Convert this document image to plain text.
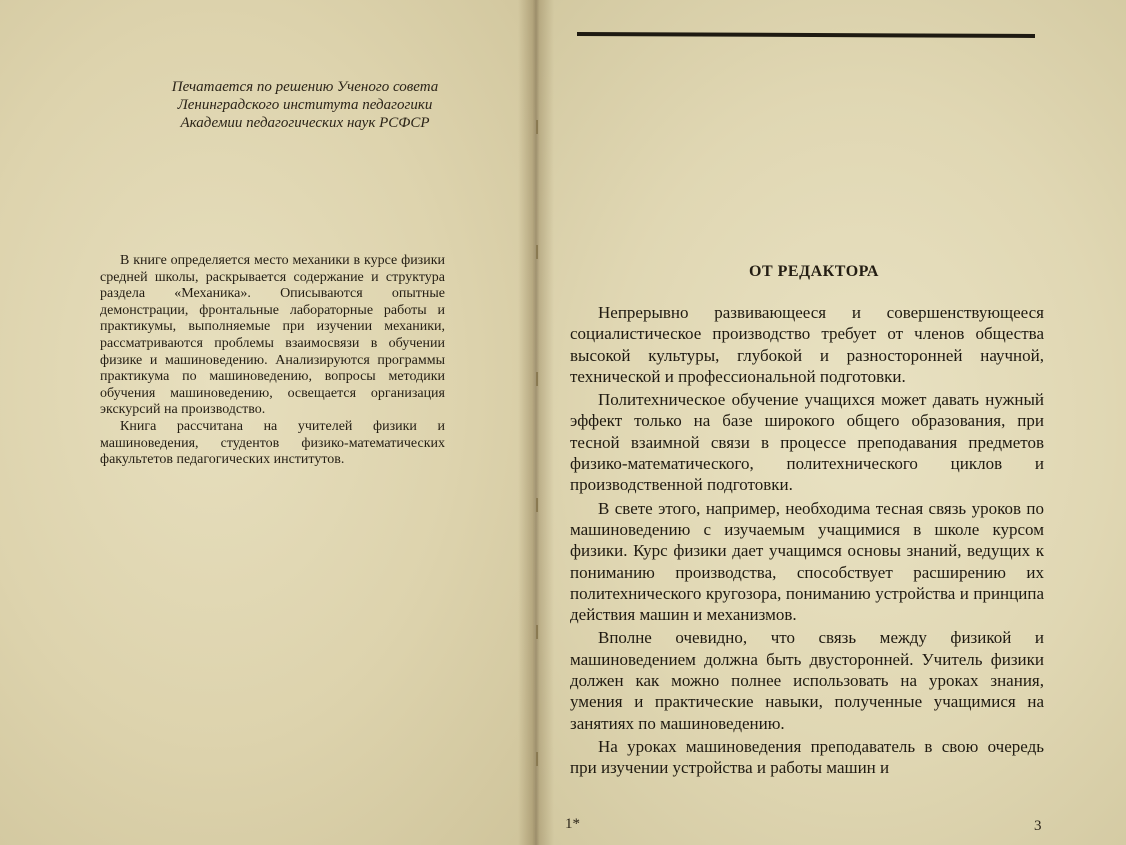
Печатается по решению Ученого совета
Ленинградского института педагогики
Академии педагогических наук РСФСР

В книге определяется место механики в курсе физики средней школы, раскрывается содержание и структура раздела «Механика». Описываются опытные демонстрации, фронтальные лабораторные работы и практикумы, выполняемые при изучении механики, рассматриваются проблемы взаимосвязи в обучении физике и машиноведению. Анализируются программы практикума по машиноведению, вопросы методики обучения машиноведению, освещается организация экскурсий на производство.

Книга рассчитана на учителей физики и машиноведения, студентов физико-математических факультетов педагогических институтов.

ОТ РЕДАКТОРА

Непрерывно развивающееся и совершенствующееся социалистическое производство требует от членов общества высокой культуры, глубокой и разносторонней научной, технической и профессиональной подготовки.

Политехническое обучение учащихся может давать нужный эффект только на базе широкого общего образования, при тесной взаимной связи в процессе преподавания предметов физико-математического, политехнического циклов и производственной подготовки.

В свете этого, например, необходима тесная связь уроков по машиноведению с изучаемым учащимися в школе курсом физики. Курс физики дает учащимся основы знаний, ведущих к пониманию производства, способствует расширению их политехнического кругозора, пониманию устройства и принципа действия машин и механизмов.

Вполне очевидно, что связь между физикой и машиноведением должна быть двусторонней. Учитель физики должен как можно полнее использовать на уроках знания, умения и практические навыки, полученные учащимися на занятиях по машиноведению.

На уроках машиноведения преподаватель в свою очередь при изучении устройства и работы машин и

1*	3
